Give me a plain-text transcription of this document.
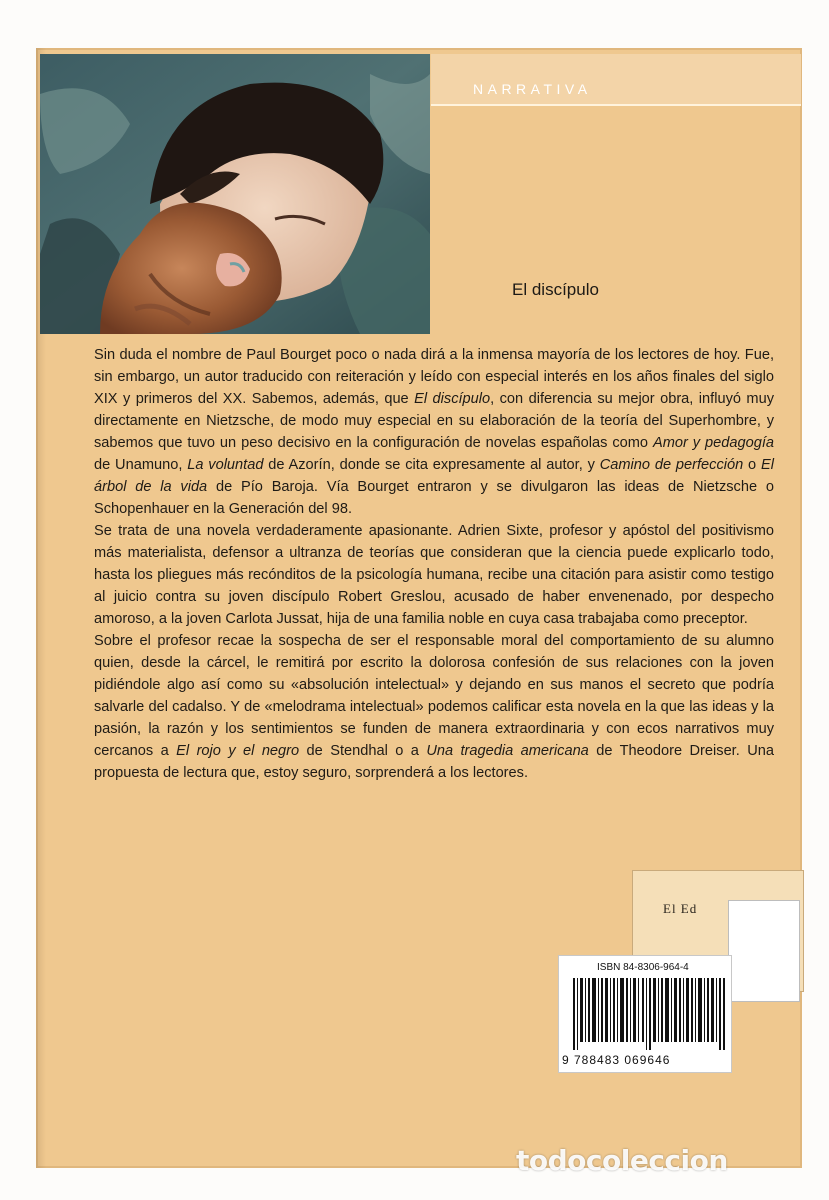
NARRATIVA
El discípulo

Sin duda el nombre de Paul Bourget poco o nada dirá a la inmensa mayoría de los lectores de hoy. Fue, sin embargo, un autor traducido con reiteración y leído con especial interés en los años finales del siglo XIX y primeros del XX. Sabemos, además, que El discípulo, con diferencia su mejor obra, influyó muy directamente en Nietzsche, de modo muy especial en su elaboración de la teoría del Superhombre, y sabemos que tuvo un peso decisivo en la configuración de novelas españolas como Amor y pedagogía de Unamuno, La voluntad de Azorín, donde se cita expresamente al autor, y Camino de perfección o El árbol de la vida de Pío Baroja. Vía Bourget entraron y se divulgaron las ideas de Nietzsche o Schopenhauer en la Generación del 98.

Se trata de una novela verdaderamente apasionante. Adrien Sixte, profesor y apóstol del positivismo más materialista, defensor a ultranza de teorías que consideran que la ciencia puede explicarlo todo, hasta los pliegues más recónditos de la psicología humana, recibe una citación para asistir como testigo al juicio contra su joven discípulo Robert Greslou, acusado de haber envenenado, por despecho amoroso, a la joven Carlota Jussat, hija de una familia noble en cuya casa trabajaba como preceptor.

Sobre el profesor recae la sospecha de ser el responsable moral del comportamiento de su alumno quien, desde la cárcel, le remitirá por escrito la dolorosa confesión de sus relaciones con la joven pidiéndole algo así como su «absolución intelectual» y dejando en sus manos el secreto que podría salvarle del cadalso. Y de «melodrama intelectual» podemos calificar esta novela en la que las ideas y la pasión, la razón y los sentimientos se funden de manera extraordinaria y con ecos narrativos muy cercanos a El rojo y el negro de Stendhal o a Una tragedia americana de Theodore Dreiser. Una propuesta de lectura que, estoy seguro, sorprenderá a los lectores.

El Ed
ISBN 84-8306-964-4
9 788483 069646
todocoleccion
